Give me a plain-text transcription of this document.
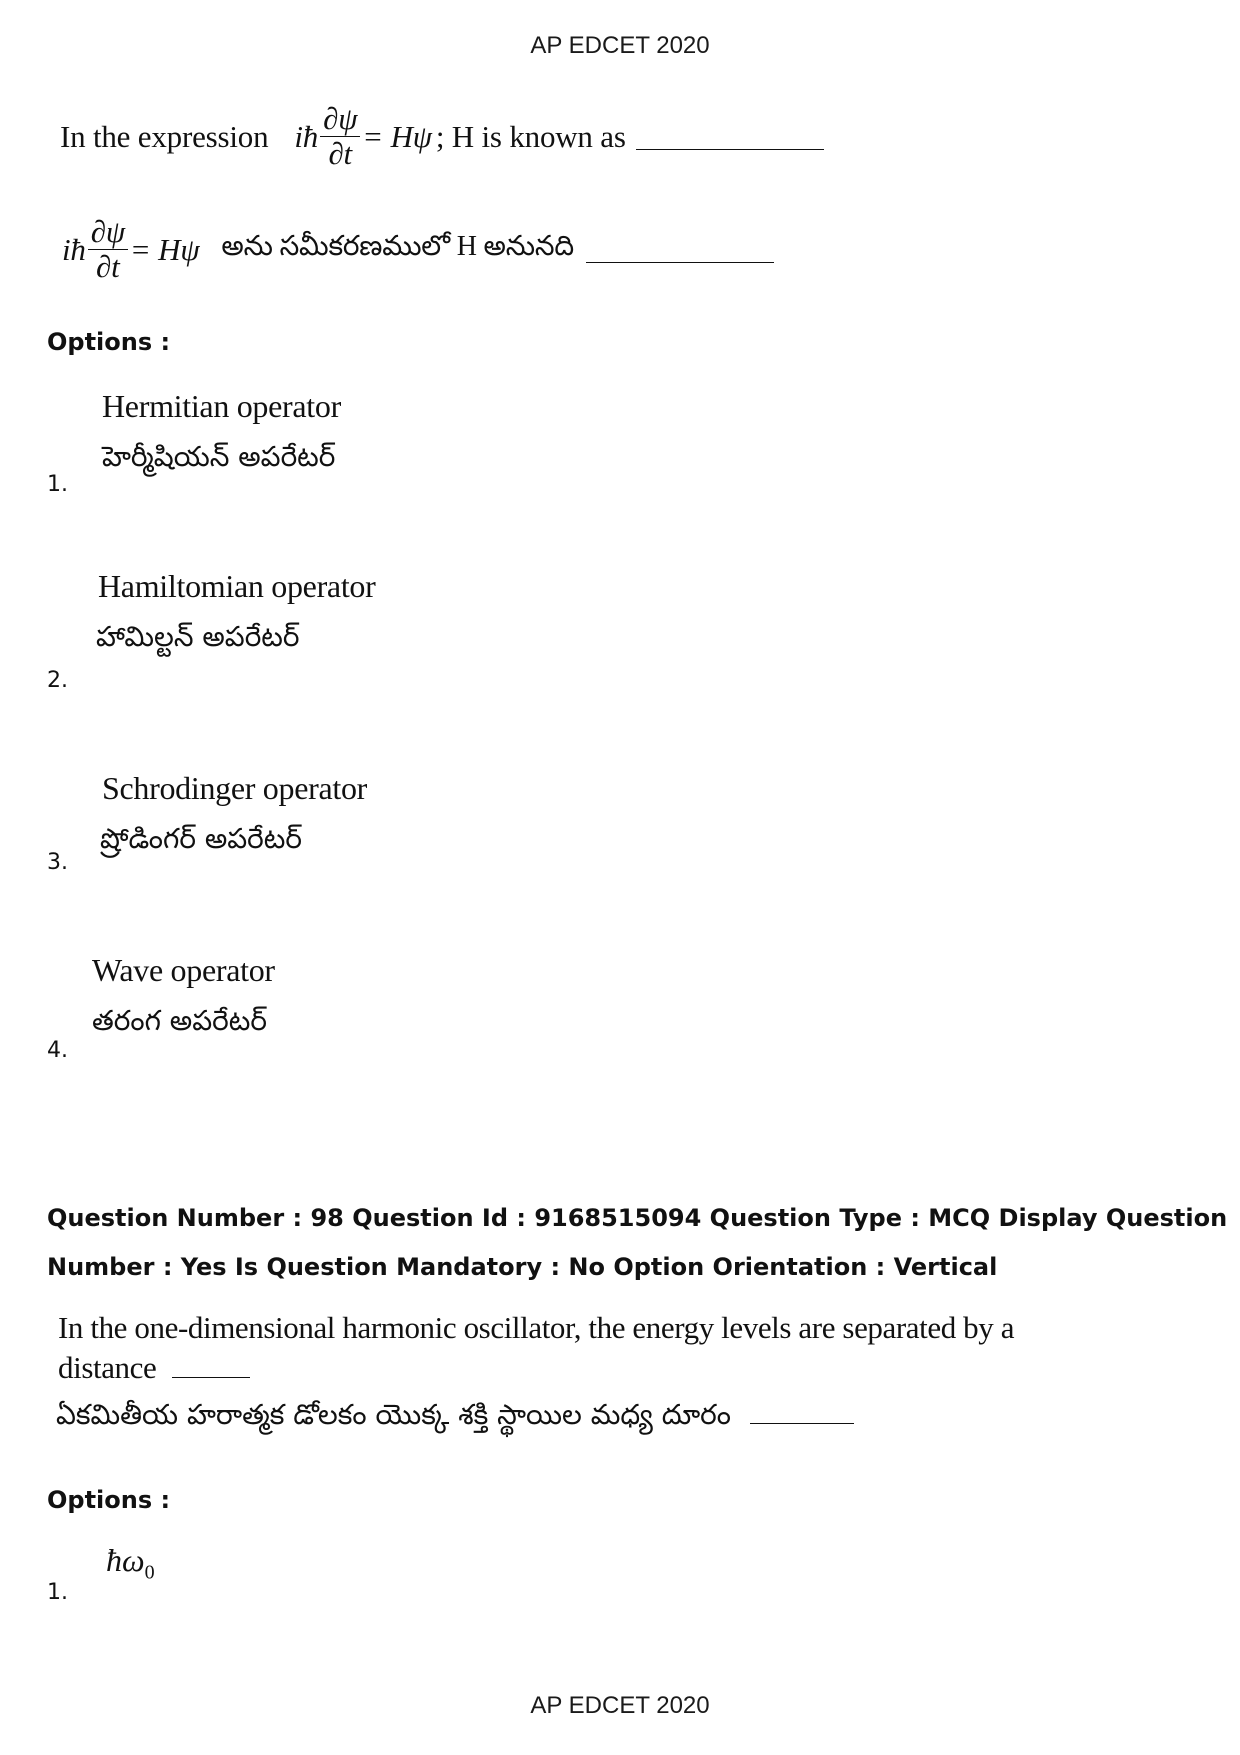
AP EDCET 2020
In the expression iħ $\frac{\partial\psi}{\partial t} = H\psi$ ; H is known as
iħ $\frac{\partial\psi}{\partial t} = H\psi$ అను సమీకరణములో H అనునది
Options :
Hermitian operator
హెర్మీషియన్ అపరేటర్
1.
Hamiltomian operator
హామిల్టన్ అపరేటర్
2.
Schrodinger operator
ష్రోడింగర్ అపరేటర్
3.
Wave operator
తరంగ అపరేటర్
4.
Question Number : 98 Question Id : 9168515094 Question Type : MCQ Display Question
Number : Yes Is Question Mandatory : No Option Orientation : Vertical
In the one-dimensional harmonic oscillator, the energy levels are separated by a
distance
ఏకమితీయ హరాత్మక డోలకం యొక్క శక్తి స్థాయిల మధ్య దూరం
Options :
$ħ\omega_0$
1.
AP EDCET 2020
